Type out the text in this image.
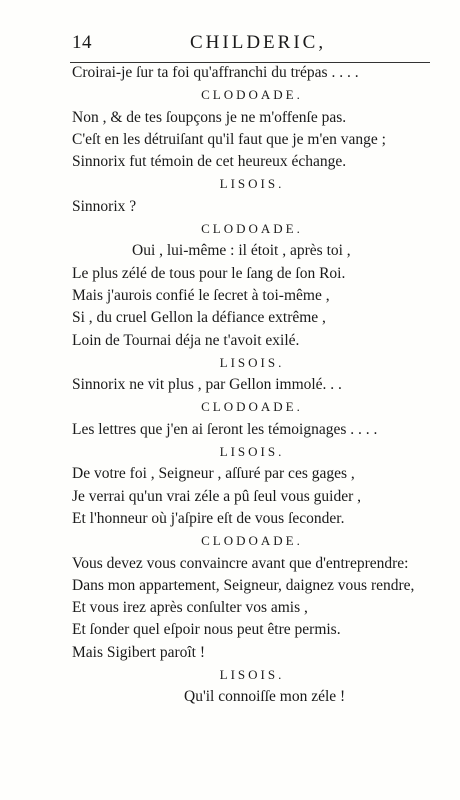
14	CHILDERIC,
Croirai-je ſur ta foi qu'affranchi du trépas . . . .
CLODOADE.
Non , & de tes ſoupçons je ne m'offenſe pas.
C'eſt en les détruiſant qu'il faut que je m'en vange ;
Sinnorix fut témoin de cet heureux échange.
LISOIS.
Sinnorix ?
CLODOADE.
Oui , lui-même : il étoit , après toi ,
Le plus zélé de tous pour le ſang de ſon Roi.
Mais j'aurois confié le ſecret à toi-même ,
Si , du cruel Gellon la défiance extrême ,
Loin de Tournai déja ne t'avoit exilé.
LISOIS.
Sinnorix ne vit plus , par Gellon immolé. . .
CLODOADE.
Les lettres que j'en ai ſeront les témoignages . . . .
LISOIS.
De votre foi , Seigneur , aſſuré par ces gages ,
Je verrai qu'un vrai zéle a pû ſeul vous guider ,
Et l'honneur où j'aſpire eſt de vous ſeconder.
CLODOADE.
Vous devez vous convaincre avant que d'entreprendre:
Dans mon appartement, Seigneur, daignez vous rendre,
Et vous irez après conſulter vos amis ,
Et ſonder quel eſpoir nous peut être permis.
Mais Sigibert paroît !
LISOIS.
Qu'il connoiſſe mon zéle !
